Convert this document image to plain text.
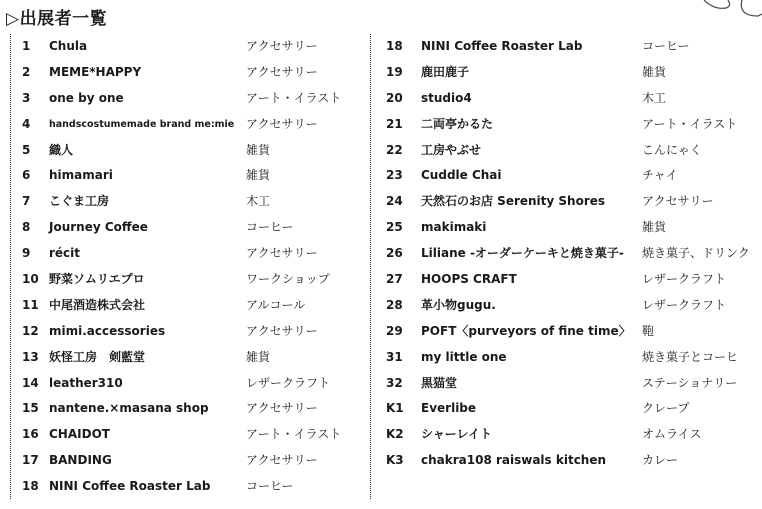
▷出展者一覧
1 Chula	アクセサリー
2 MEME*HAPPY	アクセサリー
3 one by one	アート・イラスト
4 handscostumemade brand me:mie アクセサリー
5 織人	雑貨
6 himamari	雑貨
7 こぐま工房	木工
8 Journey Coffee	コーヒー
9 récit	アクセサリー
10 野菜ソムリエプロ	ワークショップ
11 中尾酒造株式会社	アルコール
12 mimi.accessories	アクセサリー
13 妖怪工房　剣藍堂	雑貨
14 leather310	レザークラフト
15 nantene.×masana shop	アクセサリー
16 CHAIDOT	アート・イラスト
17 BANDING	アクセサリー
18 NINI Coffee Roaster Lab	コーヒー
18 NINI Coffee Roaster Lab	コーヒー
19 鹿田鹿子	雑貨
20 studio4	木工
21 二両亭かるた	アート・イラスト
22 工房やぶせ	こんにゃく
23 Cuddle Chai	チャイ
24 天然石のお店 Serenity Shores	アクセサリー
25 makimaki	雑貨
26 Liliane -オーダーケーキと焼き菓子- 焼き菓子、ドリンク
27 HOOPS CRAFT	レザークラフト
28 革小物gugu.	レザークラフト
29 POFT〈purveyors of fine time〉 鞄
31 my little one	焼き菓子とコーヒ
32 黒猫堂	ステーショナリー
K1 Everlibe	クレープ
K2 シャーレイト	オムライス
K3 chakra108 raiswals kitchen	カレー
